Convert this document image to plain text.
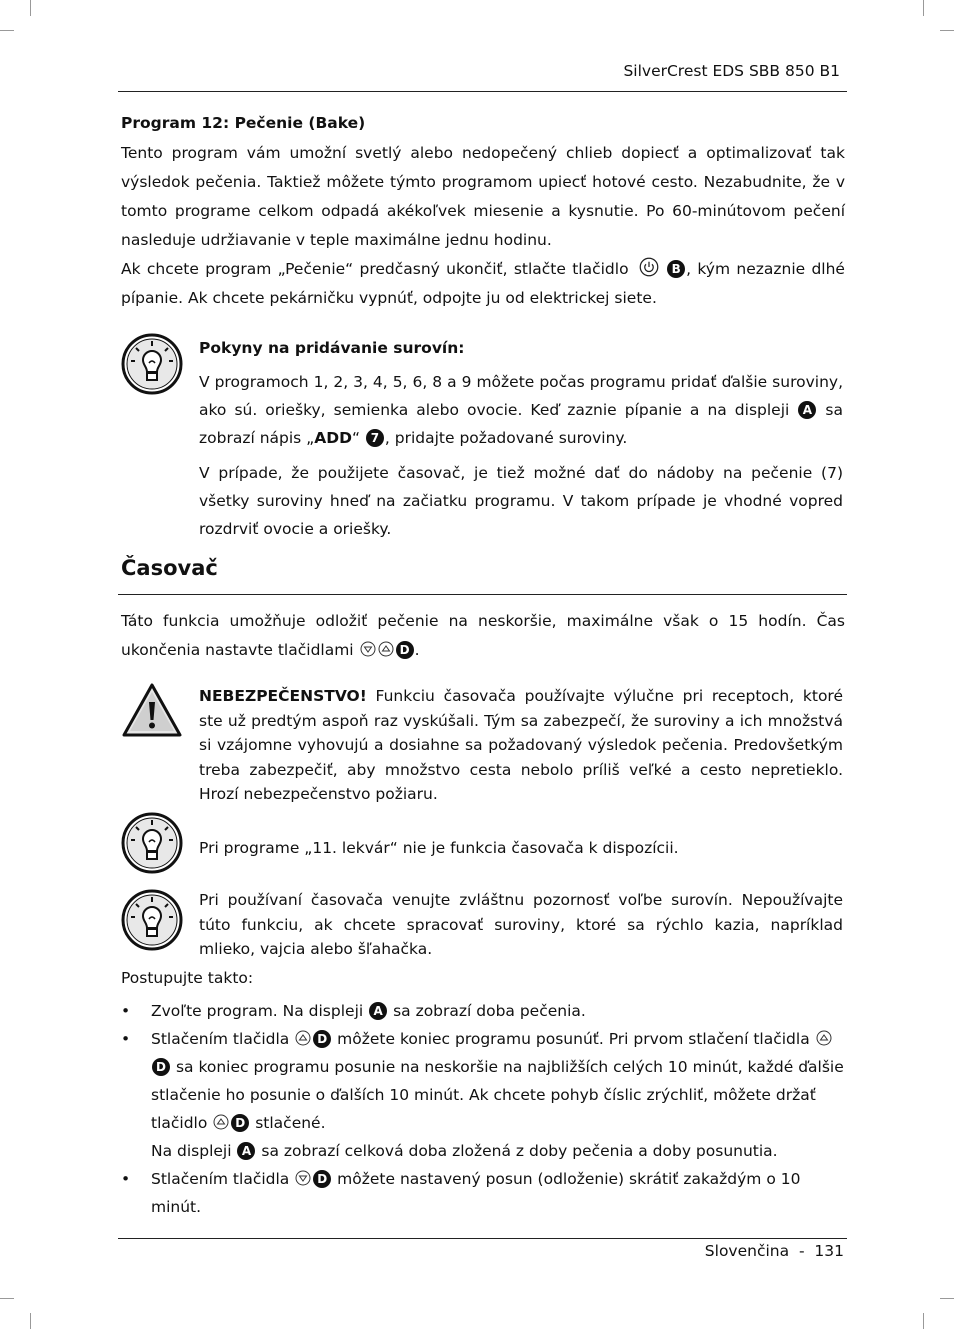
SilverCrest EDS SBB 850 B1
Program 12: Pečenie (Bake)
Tento program vám umožní svetlý alebo nedopečený chlieb dopiecť a optimalizovať tak výsledok pečenia. Taktiež môžete týmto programom upiecť hotové cesto. Nezabudnite, že v tomto programe celkom odpadá akékoľvek miesenie a kysnutie. Po 60-minútovom pečení nasleduje udržiavanie v teple maximálne jednu hodinu.
Ak chcete program „Pečenie“ predčasný ukončiť, stlačte tlačidlo	B , kým nezaznie dlhé pípanie. Ak chcete pekárničku vypnúť, odpojte ju od elektrickej siete.
Pokyny na pridávanie surovín:
V programoch 1, 2, 3, 4, 5, 6, 8 a 9 môžete počas programu pridať ďalšie suroviny, ako sú. oriešky, semienka alebo ovocie. Keď zaznie pípanie a na displeji A sa zobrazí nápis „ADD“ 7 , pridajte požadované suroviny.
V prípade, že použijete časovač, je tiež možné dať do nádoby na pečenie (7) všetky suroviny hneď na začiatku programu. V takom prípade je vhodné vopred rozdrviť ovocie a oriešky.
Časovač
Táto funkcia umožňuje odložiť pečenie na neskoršie, maximálne však o 15 hodín. Čas ukončenia nastavte tlačidlami	D .
NEBEZPEČENSTVO! Funkciu časovača používajte výlučne pri receptoch, ktoré ste už predtým aspoň raz vyskúšali. Tým sa zabezpečí, že suroviny a ich množstvá si vzájomne vyhovujú a dosiahne sa požadovaný výsledok pečenia. Predovšetkým treba zabezpečiť, aby množstvo cesta nebolo príliš veľké a cesto nepretieklo. Hrozí nebezpečenstvo požiaru.
Pri programe „11. lekvár“ nie je funkcia časovača k dispozícii.
Pri používaní časovača venujte zvláštnu pozornosť voľbe surovín. Nepoužívajte túto funkciu, ak chcete spracovať suroviny, ktoré sa rýchlo kazia, napríklad mlieko, vajcia alebo šľahačka.
Postupujte takto:
• Zvoľte program. Na displeji A sa zobrazí doba pečenia.
• Stlačením tlačidla D môžete koniec programu posunúť. Pri prvom stlačení tlačidla D sa koniec programu posunie na neskoršie na najbližších celých 10 minút, každé ďalšie stlačenie ho posunie o ďalších 10 minút. Ak chcete pohyb číslic zrýchliť, môžete držať tlačidlo D stlačené.
Na displeji A sa zobrazí celková doba zložená z doby pečenia a doby posunutia.
• Stlačením tlačidla D môžete nastavený posun (odloženie) skrátiť zakaždým o 10 minút.
Slovenčina  -  131
